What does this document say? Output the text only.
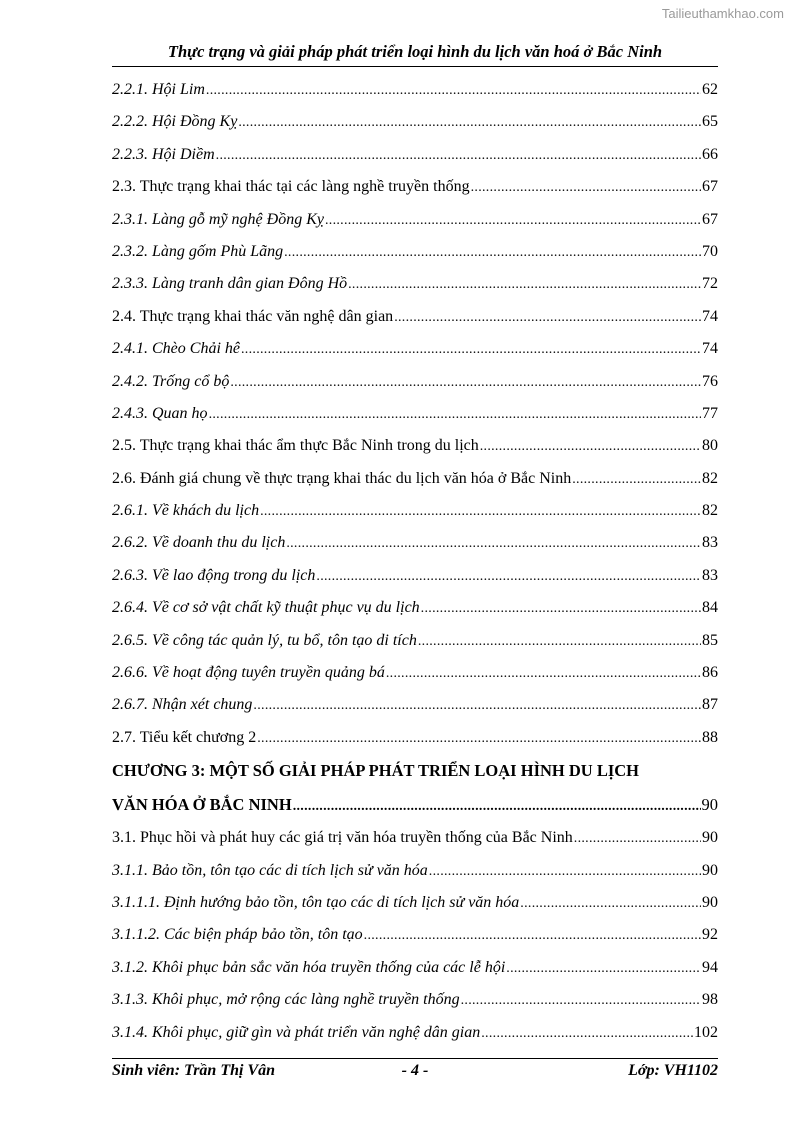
Tailieuthamkhao.com
Thực trạng và giải pháp phát triển loại hình du lịch văn hoá ở Bắc Ninh
2.2.1. Hội Lim . . .	62
2.2.2. Hội Đồng Kỵ . . .	65
2.2.3. Hội Diềm . . .	66
2.3. Thực trạng khai thác tại các làng nghề truyền thống . . .	67
2.3.1. Làng gỗ mỹ nghệ Đồng Kỵ . . .	67
2.3.2. Làng gốm Phù Lãng . . .	70
2.3.3. Làng tranh dân gian Đông Hồ . . .	72
2.4. Thực trạng khai thác văn nghệ dân gian . . .	74
2.4.1. Chèo Chải hê . . .	74
2.4.2. Trống cổ bộ . . .	76
2.4.3. Quan họ . . .	77
2.5. Thực trạng khai thác ẩm thực Bắc Ninh trong du lịch . . .	80
2.6. Đánh giá chung về thực trạng khai thác du lịch văn hóa ở Bắc Ninh . . .	82
2.6.1. Về khách du lịch . . .	82
2.6.2. Về doanh thu du lịch . . .	83
2.6.3. Về lao động trong du lịch . . .	83
2.6.4. Về cơ sở vật chất kỹ thuật phục vụ du lịch . . .	84
2.6.5. Về công tác quản lý, tu bổ, tôn tạo di tích . . .	85
2.6.6. Về hoạt động tuyên truyền quảng bá . . .	86
2.6.7. Nhận xét chung . . .	87
2.7. Tiểu kết chương 2 . . .	88
CHƯƠNG 3: MỘT SỐ GIẢI PHÁP PHÁT TRIỂN LOẠI HÌNH DU LỊCH
VĂN HÓA Ở BẮC NINH . . .	90
3.1. Phục hồi và phát huy các giá trị văn hóa truyền thống của Bắc Ninh . . .	90
3.1.1. Bảo tồn, tôn tạo các di tích lịch sử văn hóa . . .	90
3.1.1.1. Định hướng bảo tồn, tôn tạo các di tích lịch sử văn hóa . . .	90
3.1.1.2. Các biện pháp bảo tồn, tôn tạo . . .	92
3.1.2. Khôi phục bản sắc văn hóa truyền thống của các lễ hội . . .	94
3.1.3. Khôi phục, mở rộng các làng nghề truyền thống . . .	98
3.1.4. Khôi phục, giữ gìn và phát triển văn nghệ dân gian . . .	102
Sinh viên: Trần Thị Vân	- 4 -	Lớp: VH1102
